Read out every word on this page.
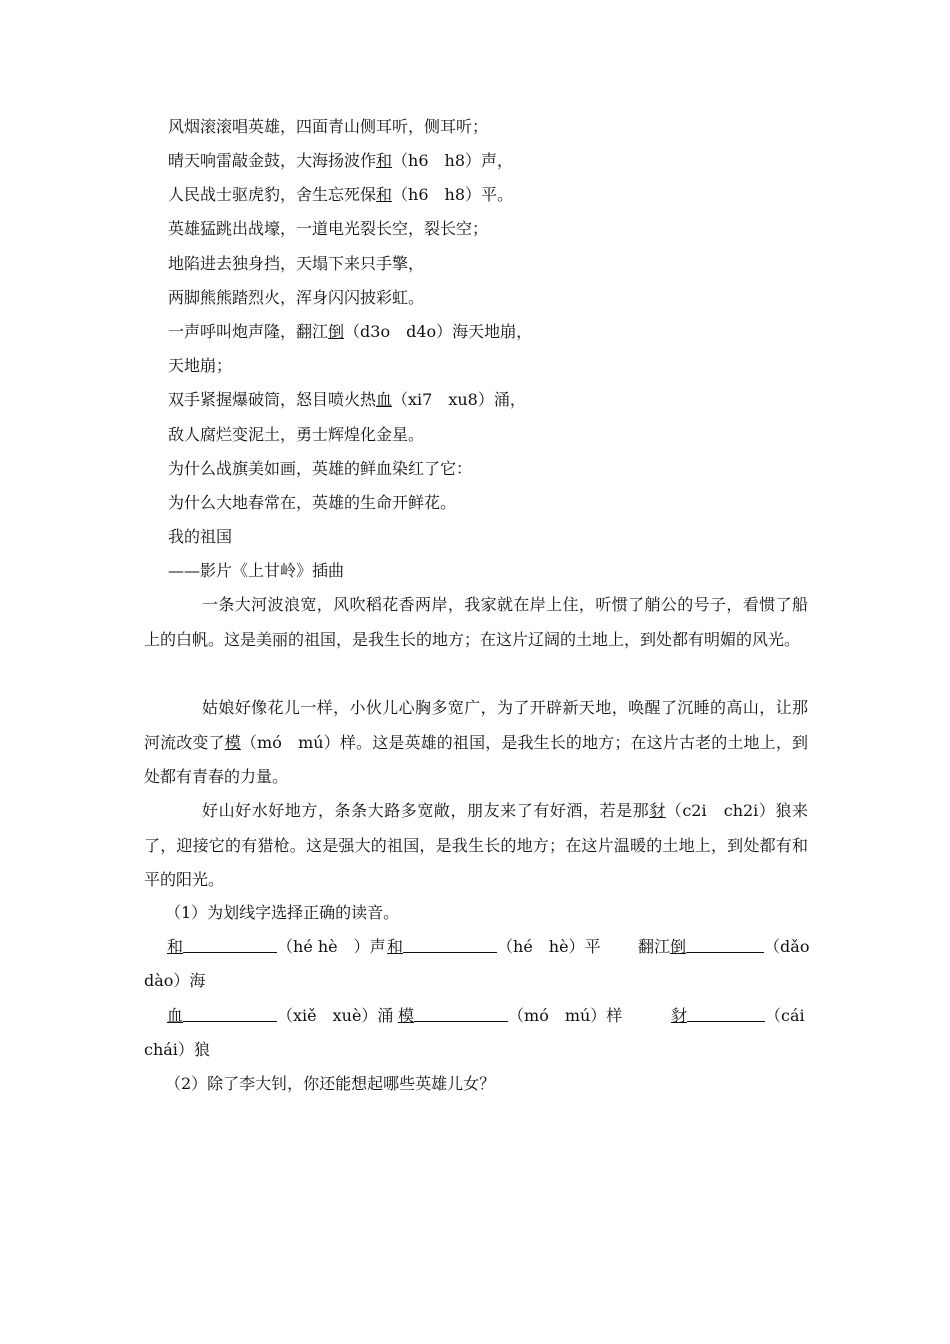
风烟滚滚唱英雄，四面青山侧耳听，侧耳听；

晴天响雷敲金鼓，大海扬波作和（h6　h8）声，

人民战士驱虎豹，舍生忘死保和（h6　h8）平。

英雄猛跳出战壕，一道电光裂长空，裂长空；

地陷进去独身挡，天塌下来只手擎，

两脚熊熊踏烈火，浑身闪闪披彩虹。

一声呼叫炮声隆，翻江倒（d3o　d4o）海天地崩，

天地崩；

双手紧握爆破筒，怒目喷火热血（xi7　xu8）涌，

敌人腐烂变泥土，勇士辉煌化金星。

为什么战旗美如画，英雄的鲜血染红了它：

为什么大地春常在，英雄的生命开鲜花。

我的祖国

——影片《上甘岭》插曲

一条大河波浪宽，风吹稻花香两岸，我家就在岸上住，听惯了艄公的号子，看惯了船上的白帆。这是美丽的祖国，是我生长的地方；在这片辽阔的土地上，到处都有明媚的风光。

姑娘好像花儿一样，小伙儿心胸多宽广，为了开辟新天地，唤醒了沉睡的高山，让那河流改变了模（mó　mú）样。这是英雄的祖国，是我生长的地方；在这片古老的土地上，到处都有青春的力量。

好山好水好地方，条条大路多宽敞，朋友来了有好酒，若是那豺（c2i　ch2i）狼来了，迎接它的有猎枪。这是强大的祖国，是我生长的地方；在这片温暖的土地上，到处都有和平的阳光。

（1）为划线字选择正确的读音。

和	（hé hè　）声 和	（hé　hè）平 翻江倒	（dǎo
dào）海
血	（xiě　xuè）涌 模	（mó　mú）样	豺	（cái
chái）狼

（2）除了李大钊，你还能想起哪些英雄儿女？
